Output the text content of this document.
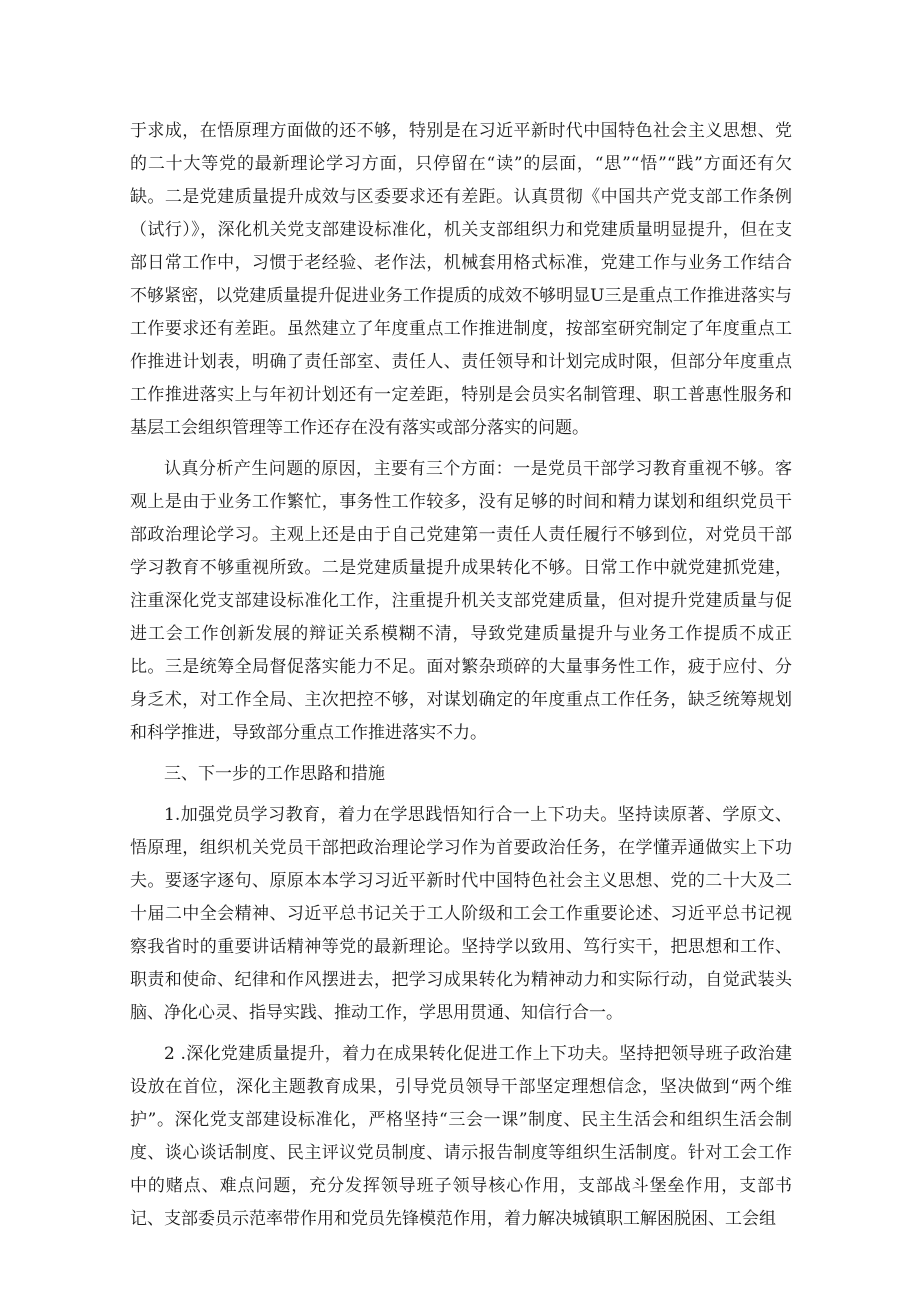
于求成，在悟原理方面做的还不够，特别是在习近平新时代中国特色社会主义思想、党的二十大等党的最新理论学习方面，只停留在“读”的层面，“思”“悟”“践”方面还有欠缺。二是党建质量提升成效与区委要求还有差距。认真贯彻《中国共产党支部工作条例（试行）》，深化机关党支部建设标准化，机关支部组织力和党建质量明显提升，但在支部日常工作中，习惯于老经验、老作法，机械套用格式标准，党建工作与业务工作结合不够紧密，以党建质量提升促进业务工作提质的成效不够明显U三是重点工作推进落实与工作要求还有差距。虽然建立了年度重点工作推进制度，按部室研究制定了年度重点工作推进计划表，明确了责任部室、责任人、责任领导和计划完成时限，但部分年度重点工作推进落实上与年初计划还有一定差距，特别是会员实名制管理、职工普惠性服务和基层工会组织管理等工作还存在没有落实或部分落实的问题。

认真分析产生问题的原因，主要有三个方面：一是党员干部学习教育重视不够。客观上是由于业务工作繁忙，事务性工作较多，没有足够的时间和精力谋划和组织党员干部政治理论学习。主观上还是由于自己党建第一责任人责任履行不够到位，对党员干部学习教育不够重视所致。二是党建质量提升成果转化不够。日常工作中就党建抓党建，注重深化党支部建设标准化工作，注重提升机关支部党建质量，但对提升党建质量与促进工会工作创新发展的辩证关系模糊不清，导致党建质量提升与业务工作提质不成正比。三是统筹全局督促落实能力不足。面对繁杂琐碎的大量事务性工作，疲于应付、分身乏术，对工作全局、主次把控不够，对谋划确定的年度重点工作任务，缺乏统筹规划和科学推进，导致部分重点工作推进落实不力。

三、下一步的工作思路和措施

1.加强党员学习教育，着力在学思践悟知行合一上下功夫。坚持读原著、学原文、悟原理，组织机关党员干部把政治理论学习作为首要政治任务，在学懂弄通做实上下功夫。要逐字逐句、原原本本学习习近平新时代中国特色社会主义思想、党的二十大及二十届二中全会精神、习近平总书记关于工人阶级和工会工作重要论述、习近平总书记视察我省时的重要讲话精神等党的最新理论。坚持学以致用、笃行实干，把思想和工作、职责和使命、纪律和作风摆进去，把学习成果转化为精神动力和实际行动，自觉武装头脑、净化心灵、指导实践、推动工作，学思用贯通、知信行合一。

2 .深化党建质量提升，着力在成果转化促进工作上下功夫。坚持把领导班子政治建设放在首位，深化主题教育成果，引导党员领导干部坚定理想信念，坚决做到“两个维护”。深化党支部建设标准化，严格坚持“三会一课”制度、民主生活会和组织生活会制度、谈心谈话制度、民主评议党员制度、请示报告制度等组织生活制度。针对工会工作中的赌点、难点问题，充分发挥领导班子领导核心作用，支部战斗堡垒作用，支部书记、支部委员示范率带作用和党员先锋模范作用，着力解决城镇职工解困脱困、工会组
